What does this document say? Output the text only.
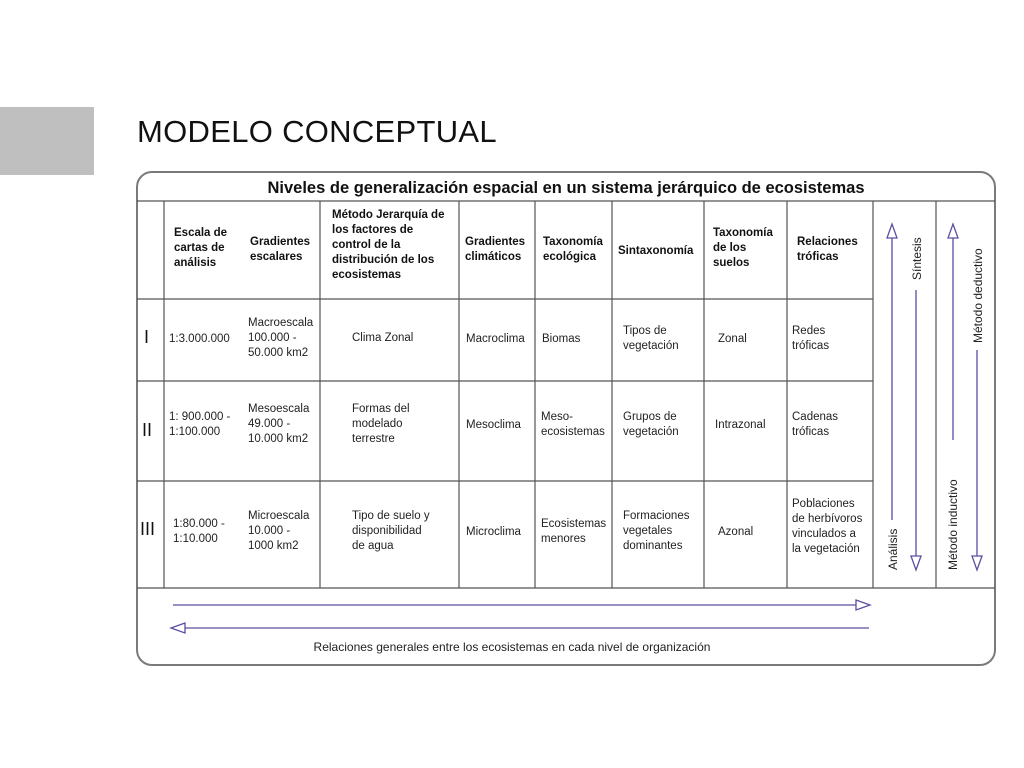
MODELO CONCEPTUAL
Niveles de generalización espacial en un sistema jerárquico de ecosistemas
Escala de
cartas de
análisis
Gradientes
escalares
Método Jerarquía de
los factores de
control de la
distribución de los
ecosistemas
Gradientes
climáticos
Taxonomía
ecológica	Sintaxonomía
Taxonomía
de los
suelos
Relaciones
tróficas
I 1:3.000.000
Macroescala
100.000 -
50.000 km2
Clima Zonal	Macroclima Biomas
Tipos de
vegetación
Zonal
Redes
tróficas
II
1: 900.000 -
1:100.000
Mesoescala
49.000 -
10.000 km2
Formas del
modelado
terrestre
Mesoclima
Meso-
ecosistemas
Grupos de
vegetación
Intrazonal
Cadenas
tróficas
III 1:80.000 -
1:10.000
Microescala
10.000 -
1000 km2
Tipo de suelo y
disponibilidad
de agua
Microclima
Ecosistemas
menores
Formaciones
vegetales
dominantes
Azonal
Poblaciones
de herbívoros
vinculados a
la vegetación
Síntesis
Análisis
Método deductivo
Método inductivo
Relaciones generales entre los ecosistemas en cada nivel de organización
